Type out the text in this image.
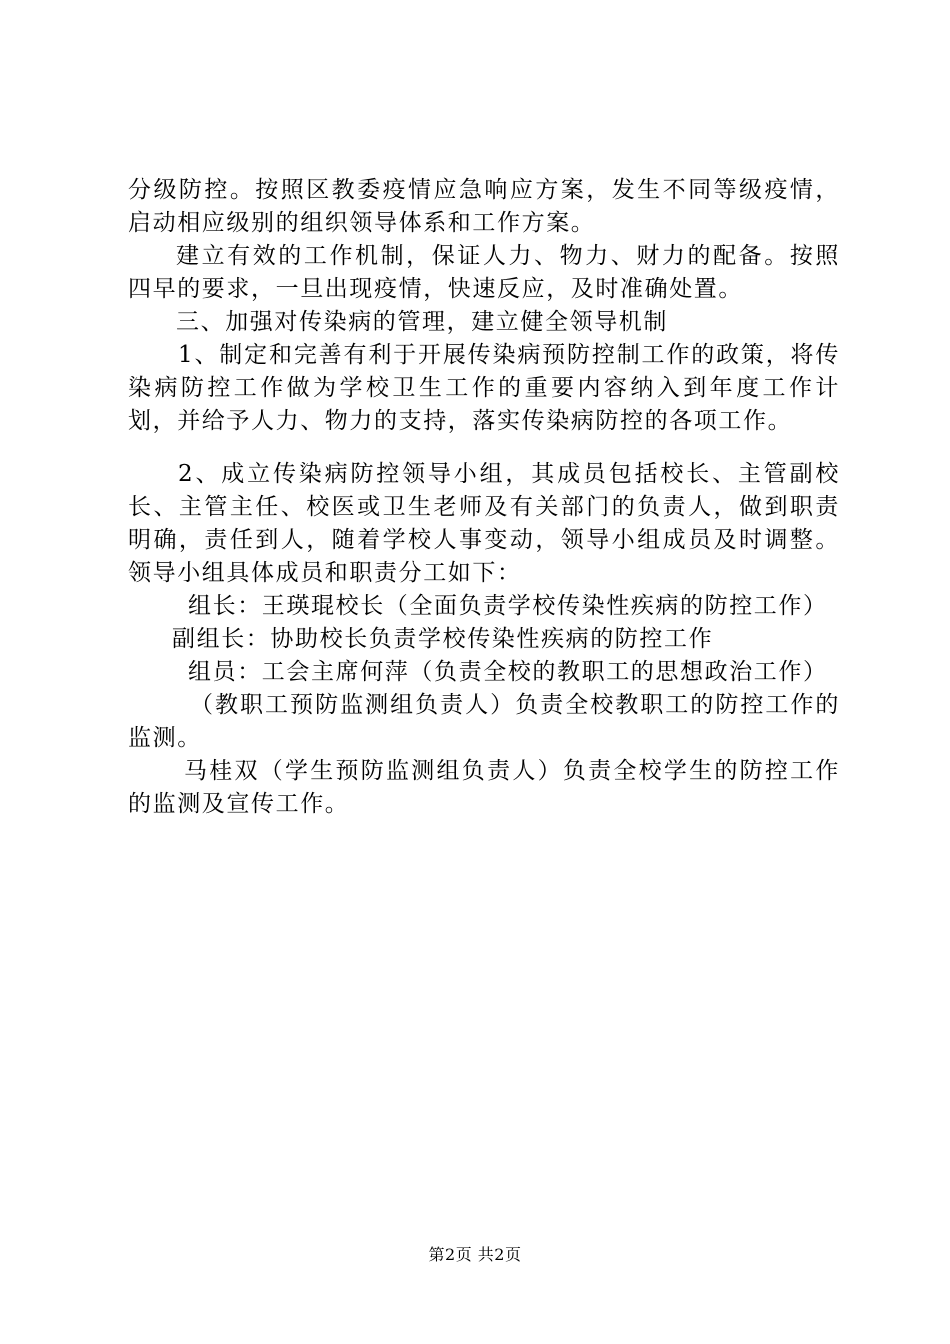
分级防控。按照区教委疫情应急响应方案，发生不同等级疫情，启动相应级别的组织领导体系和工作方案。

建立有效的工作机制，保证人力、物力、财力的配备。按照四早的要求，一旦出现疫情，快速反应，及时准确处置。

三、加强对传染病的管理，建立健全领导机制

1、制定和完善有利于开展传染病预防控制工作的政策，将传染病防控工作做为学校卫生工作的重要内容纳入到年度工作计划，并给予人力、物力的支持，落实传染病防控的各项工作。

2、成立传染病防控领导小组，其成员包括校长、主管副校长、主管主任、校医或卫生老师及有关部门的负责人，做到职责明确，责任到人，随着学校人事变动，领导小组成员及时调整。领导小组具体成员和职责分工如下：

组长：王瑛琨校长（全面负责学校传染性疾病的防控工作）

副组长：协助校长负责学校传染性疾病的防控工作

组员：工会主席何萍（负责全校的教职工的思想政治工作）

（教职工预防监测组负责人）负责全校教职工的防控工作的监测。

马桂双（学生预防监测组负责人）负责全校学生的防控工作的监测及宣传工作。

第2页 共2页
